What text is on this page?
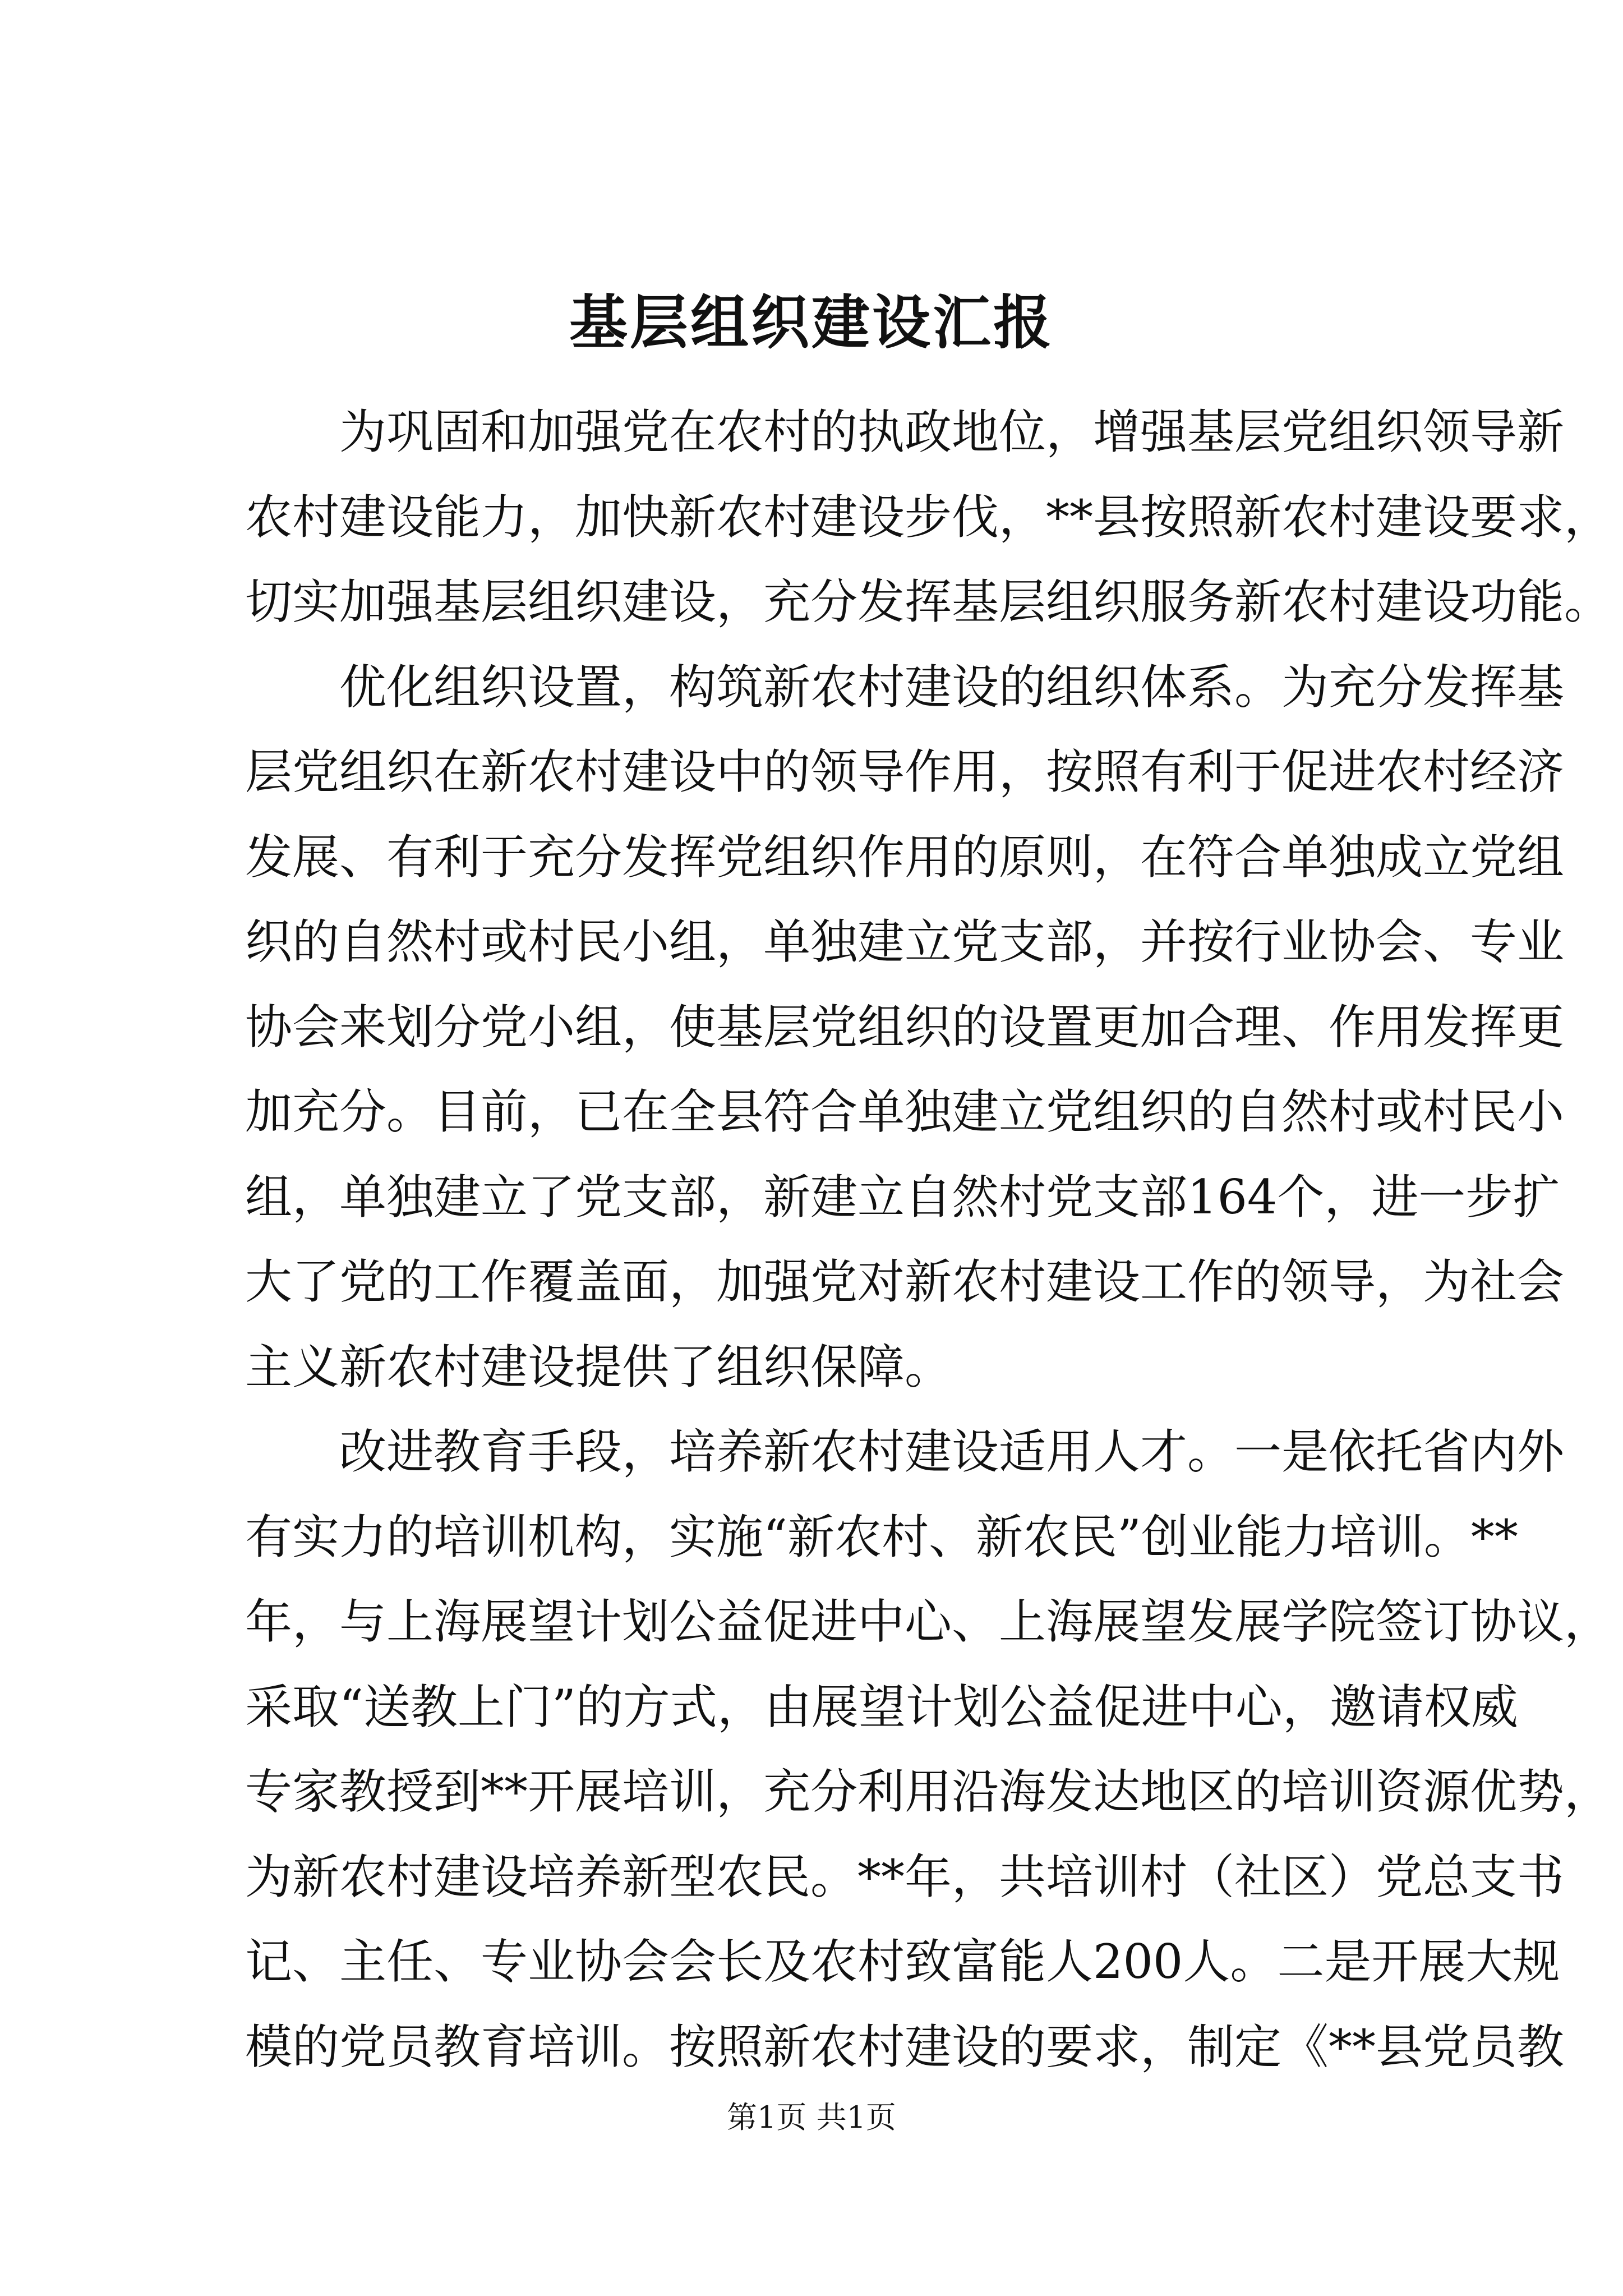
基层组织建设汇报
为巩固和加强党在农村的执政地位，增强基层党组织领导新
农村建设能力，加快新农村建设步伐，**县按照新农村建设要求，
切实加强基层组织建设，充分发挥基层组织服务新农村建设功能。
优化组织设置，构筑新农村建设的组织体系。为充分发挥基
层党组织在新农村建设中的领导作用，按照有利于促进农村经济
发展、有利于充分发挥党组织作用的原则，在符合单独成立党组
织的自然村或村民小组，单独建立党支部，并按行业协会、专业
协会来划分党小组，使基层党组织的设置更加合理、作用发挥更
加充分。目前，已在全县符合单独建立党组织的自然村或村民小
组，单独建立了党支部，新建立自然村党支部164个，进一步扩
大了党的工作覆盖面，加强党对新农村建设工作的领导，为社会
主义新农村建设提供了组织保障。
改进教育手段，培养新农村建设适用人才。一是依托省内外
有实力的培训机构，实施“新农村、新农民”创业能力培训。**
年，与上海展望计划公益促进中心、上海展望发展学院签订协议，
采取“送教上门”的方式，由展望计划公益促进中心，邀请权威
专家教授到**开展培训，充分利用沿海发达地区的培训资源优势，
为新农村建设培养新型农民。**年，共培训村（社区）党总支书
记、主任、专业协会会长及农村致富能人200人。二是开展大规
模的党员教育培训。按照新农村建设的要求，制定《**县党员教
第1页 共1页
